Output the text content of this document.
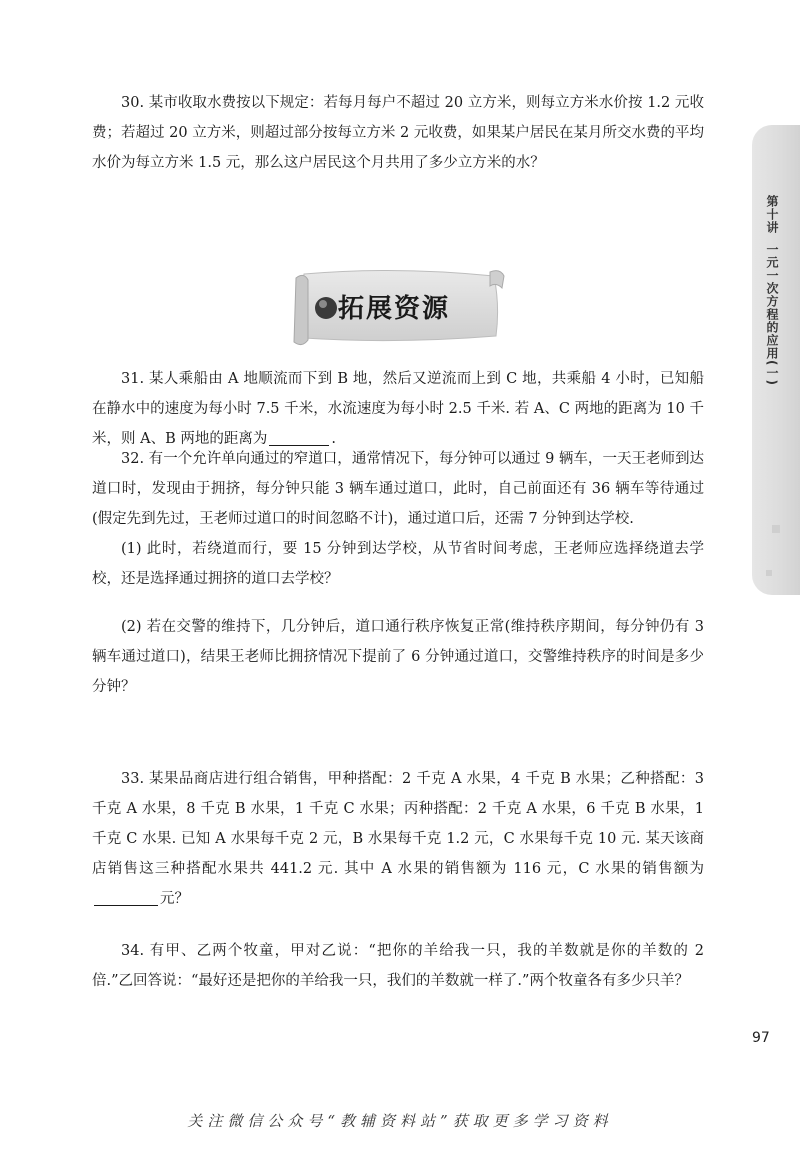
30. 某市收取水费按以下规定：若每月每户不超过 20 立方米，则每立方米水价按 1.2 元收费；若超过 20 立方米，则超过部分按每立方米 2 元收费，如果某户居民在某月所交水费的平均水价为每立方米 1.5 元，那么这户居民这个月共用了多少立方米的水？

第十讲
一元一次方程的应用(一)
拓展资源

31. 某人乘船由 A 地顺流而下到 B 地，然后又逆流而上到 C 地，共乘船 4 小时，已知船在静水中的速度为每小时 7.5 千米，水流速度为每小时 2.5 千米. 若 A、C 两地的距离为 10 千米，则 A、B 两地的距离为	.

32. 有一个允许单向通过的窄道口，通常情况下，每分钟可以通过 9 辆车，一天王老师到达道口时，发现由于拥挤，每分钟只能 3 辆车通过道口，此时，自己前面还有 36 辆车等待通过(假定先到先过，王老师过道口的时间忽略不计)，通过道口后，还需 7 分钟到达学校.

(1) 此时，若绕道而行，要 15 分钟到达学校，从节省时间考虑，王老师应选择绕道去学校，还是选择通过拥挤的道口去学校？

(2) 若在交警的维持下，几分钟后，道口通行秩序恢复正常(维持秩序期间，每分钟仍有 3 辆车通过道口)，结果王老师比拥挤情况下提前了 6 分钟通过道口，交警维持秩序的时间是多少分钟？

33. 某果品商店进行组合销售，甲种搭配：2 千克 A 水果，4 千克 B 水果；乙种搭配：3 千克 A 水果，8 千克 B 水果，1 千克 C 水果；丙种搭配：2 千克 A 水果，6 千克 B 水果，1 千克 C 水果. 已知 A 水果每千克 2 元，B 水果每千克 1.2 元，C 水果每千克 10 元. 某天该商店销售这三种搭配水果共 441.2 元. 其中 A 水果的销售额为 116 元，C 水果的销售额为元？

34. 有甲、乙两个牧童，甲对乙说：“把你的羊给我一只，我的羊数就是你的羊数的 2 倍.”乙回答说：“最好还是把你的羊给我一只，我们的羊数就一样了.”两个牧童各有多少只羊？

97
关注微信公众号“教辅资料站”获取更多学习资料
